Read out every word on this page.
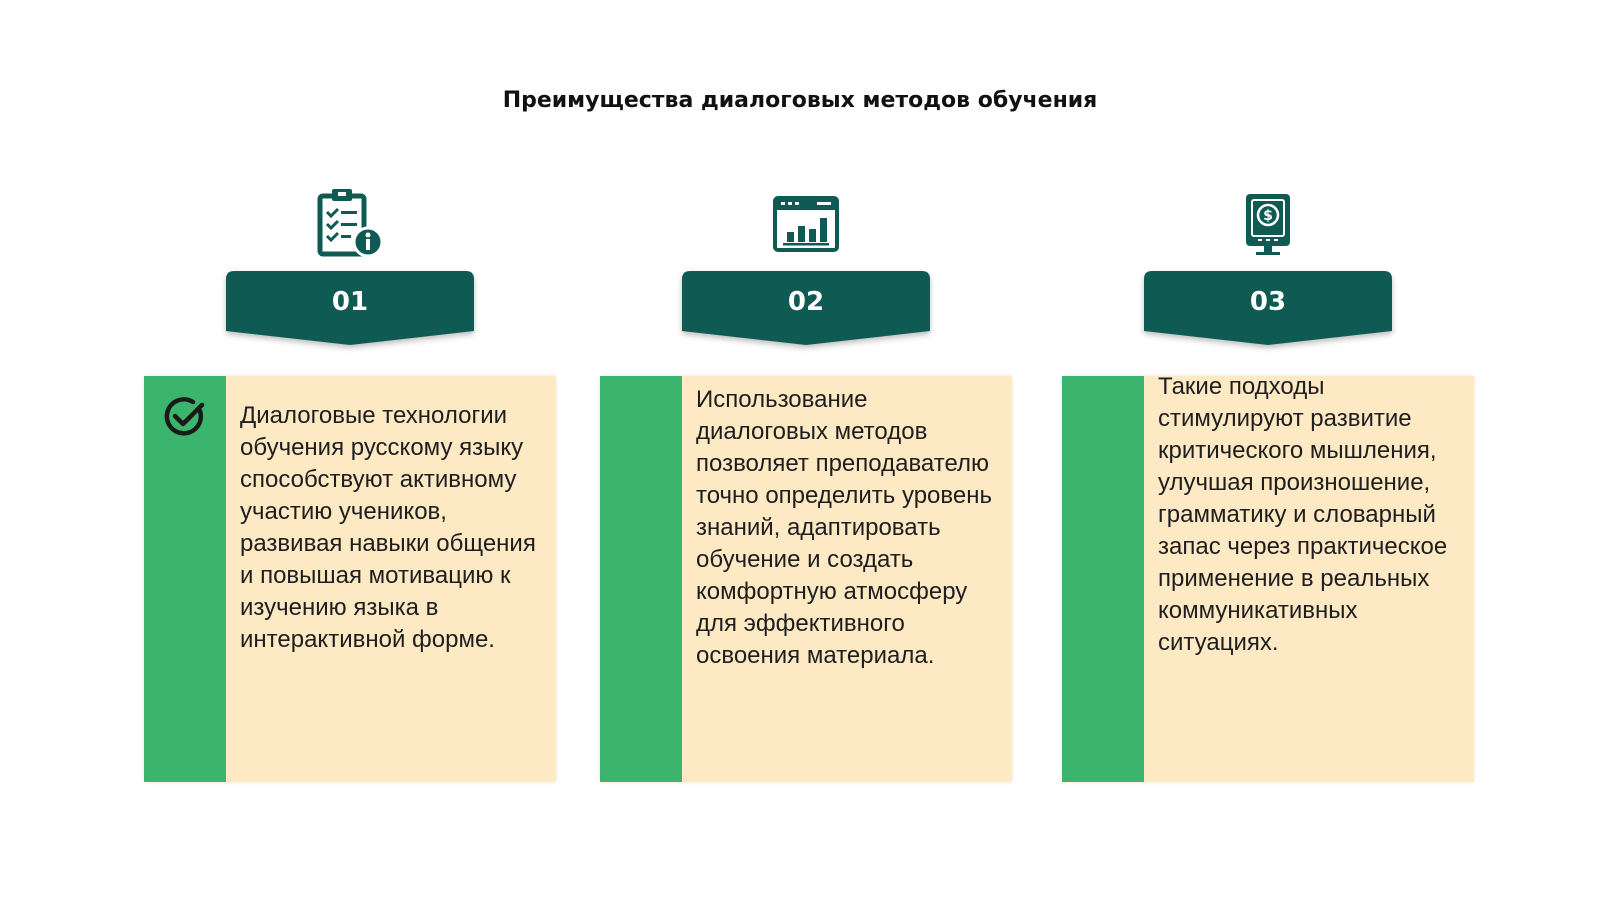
Преимущества диалоговых методов обучения
01

Диалоговые технологии обучения русскому языку способствуют активному участию учеников, развивая навыки общения и повышая мотивацию к изучению языка в интерактивной форме.

02

Использование диалоговых методов позволяет преподавателю точно определить уровень знаний, адаптировать обучение и создать комфортную атмосферу для эффективного освоения материала.

$
03

Такие подходы стимулируют развитие критического мышления, улучшая произношение, грамматику и словарный запас через практическое применение в реальных коммуникативных ситуациях.
